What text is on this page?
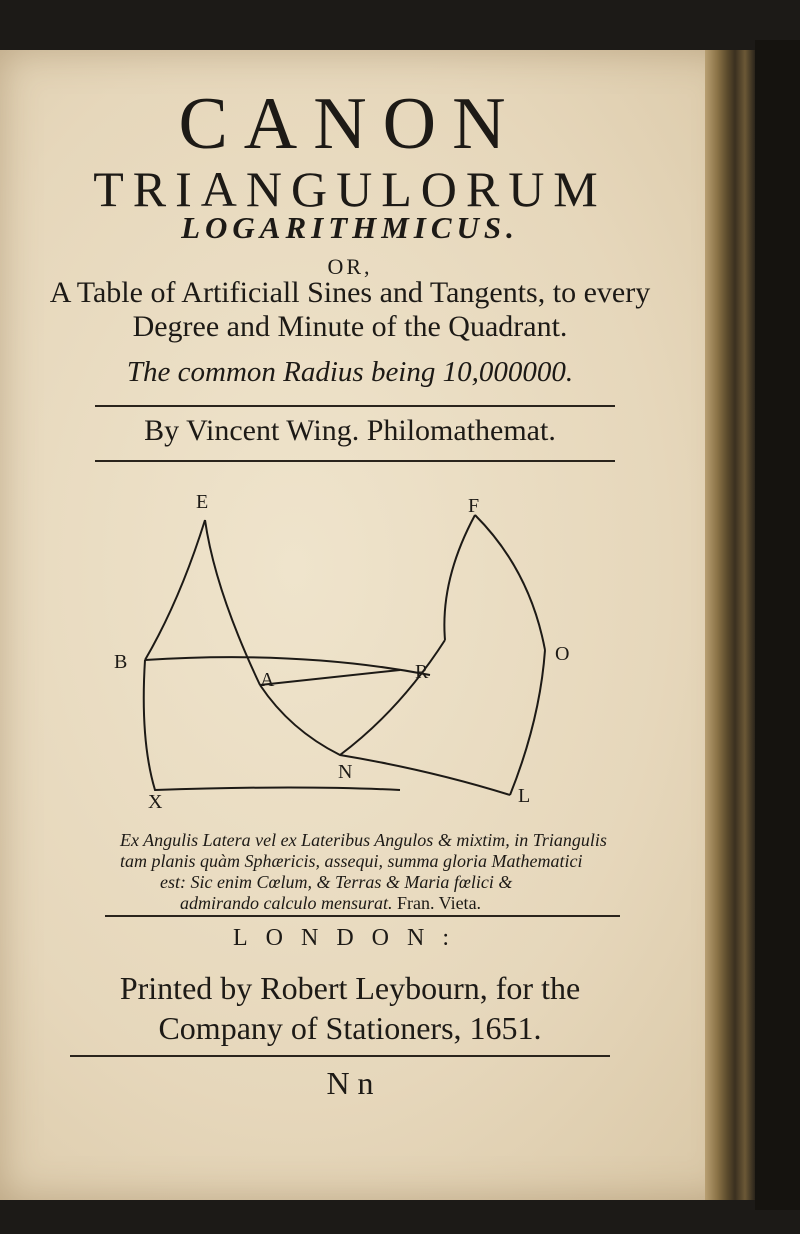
CANON
TRIANGULORUM
LOGARITHMICUS.
OR,
A Table of Artificiall Sines and Tangents, to every
Degree and Minute of the Quadrant.
The common Radius being 10,000000.
By Vincent Wing. Philomathemat.
E	F
B
A	R
O
N
X	L
Ex Angulis Latera vel ex Lateribus Angulos & mixtim, in Triangulis
tam planis quàm Sphæricis, assequi, summa gloria Mathematici
est: Sic enim Cœlum, & Terras & Maria fœlici &
admirando calculo mensurat. Fran. Vieta.
LONDON:
Printed by Robert Leybourn, for the
Company of Stationers, 1651.
N n
